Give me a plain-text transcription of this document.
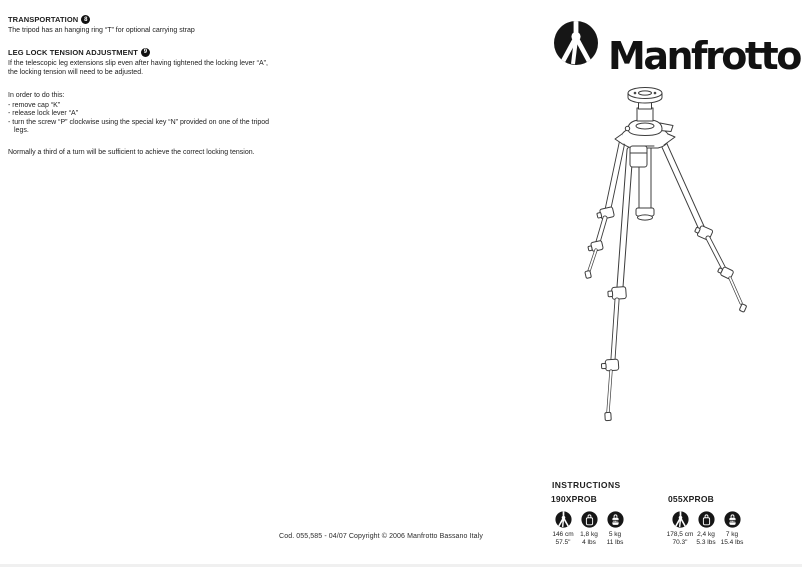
TRANSPORTATION 8
The tripod has an hanging ring “T” for optional carrying strap
LEG LOCK TENSION ADJUSTMENT 9
If the telescopic leg extensions slip even after having tightened the locking lever “A”,
the locking tension will need to be adjusted.
In order to do this:
- remove cap “K”
- release lock lever “A”
- turn the screw “P” clockwise using the special key “N” provided on one of the tripod
legs.
Normally a third of a turn will be sufficient to achieve the correct locking tension.
Manfrotto
INSTRUCTIONS
190XPROB
146 cm
57.5"
1,8 kg
4 lbs
MAX
5 kg
11 lbs
055XPROB
178,5 cm
70.3"
2,4 kg
5.3 lbs
MAX
7 kg
15.4 lbs
Cod. 055,585 - 04/07 Copyright © 2006 Manfrotto Bassano Italy
